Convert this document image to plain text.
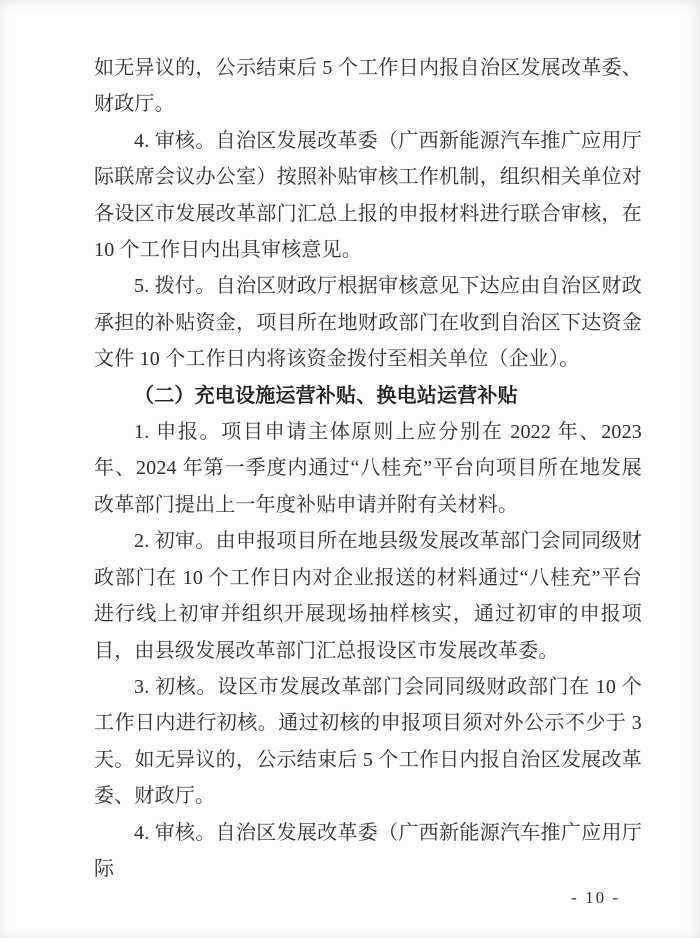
如无异议的，公示结束后 5 个工作日内报自治区发展改革委、财政厅。

4. 审核。自治区发展改革委（广西新能源汽车推广应用厅际联席会议办公室）按照补贴审核工作机制，组织相关单位对各设区市发展改革部门汇总上报的申报材料进行联合审核，在 10 个工作日内出具审核意见。

5. 拨付。自治区财政厅根据审核意见下达应由自治区财政承担的补贴资金，项目所在地财政部门在收到自治区下达资金文件 10 个工作日内将该资金拨付至相关单位（企业）。

（二）充电设施运营补贴、换电站运营补贴

1. 申报。项目申请主体原则上应分别在 2022 年、2023 年、2024 年第一季度内通过“八桂充”平台向项目所在地发展改革部门提出上一年度补贴申请并附有关材料。

2. 初审。由申报项目所在地县级发展改革部门会同同级财政部门在 10 个工作日内对企业报送的材料通过“八桂充”平台进行线上初审并组织开展现场抽样核实，通过初审的申报项目，由县级发展改革部门汇总报设区市发展改革委。

3. 初核。设区市发展改革部门会同同级财政部门在 10 个工作日内进行初核。通过初核的申报项目须对外公示不少于 3 天。如无异议的，公示结束后 5 个工作日内报自治区发展改革委、财政厅。

4. 审核。自治区发展改革委（广西新能源汽车推广应用厅际

- 10 -
